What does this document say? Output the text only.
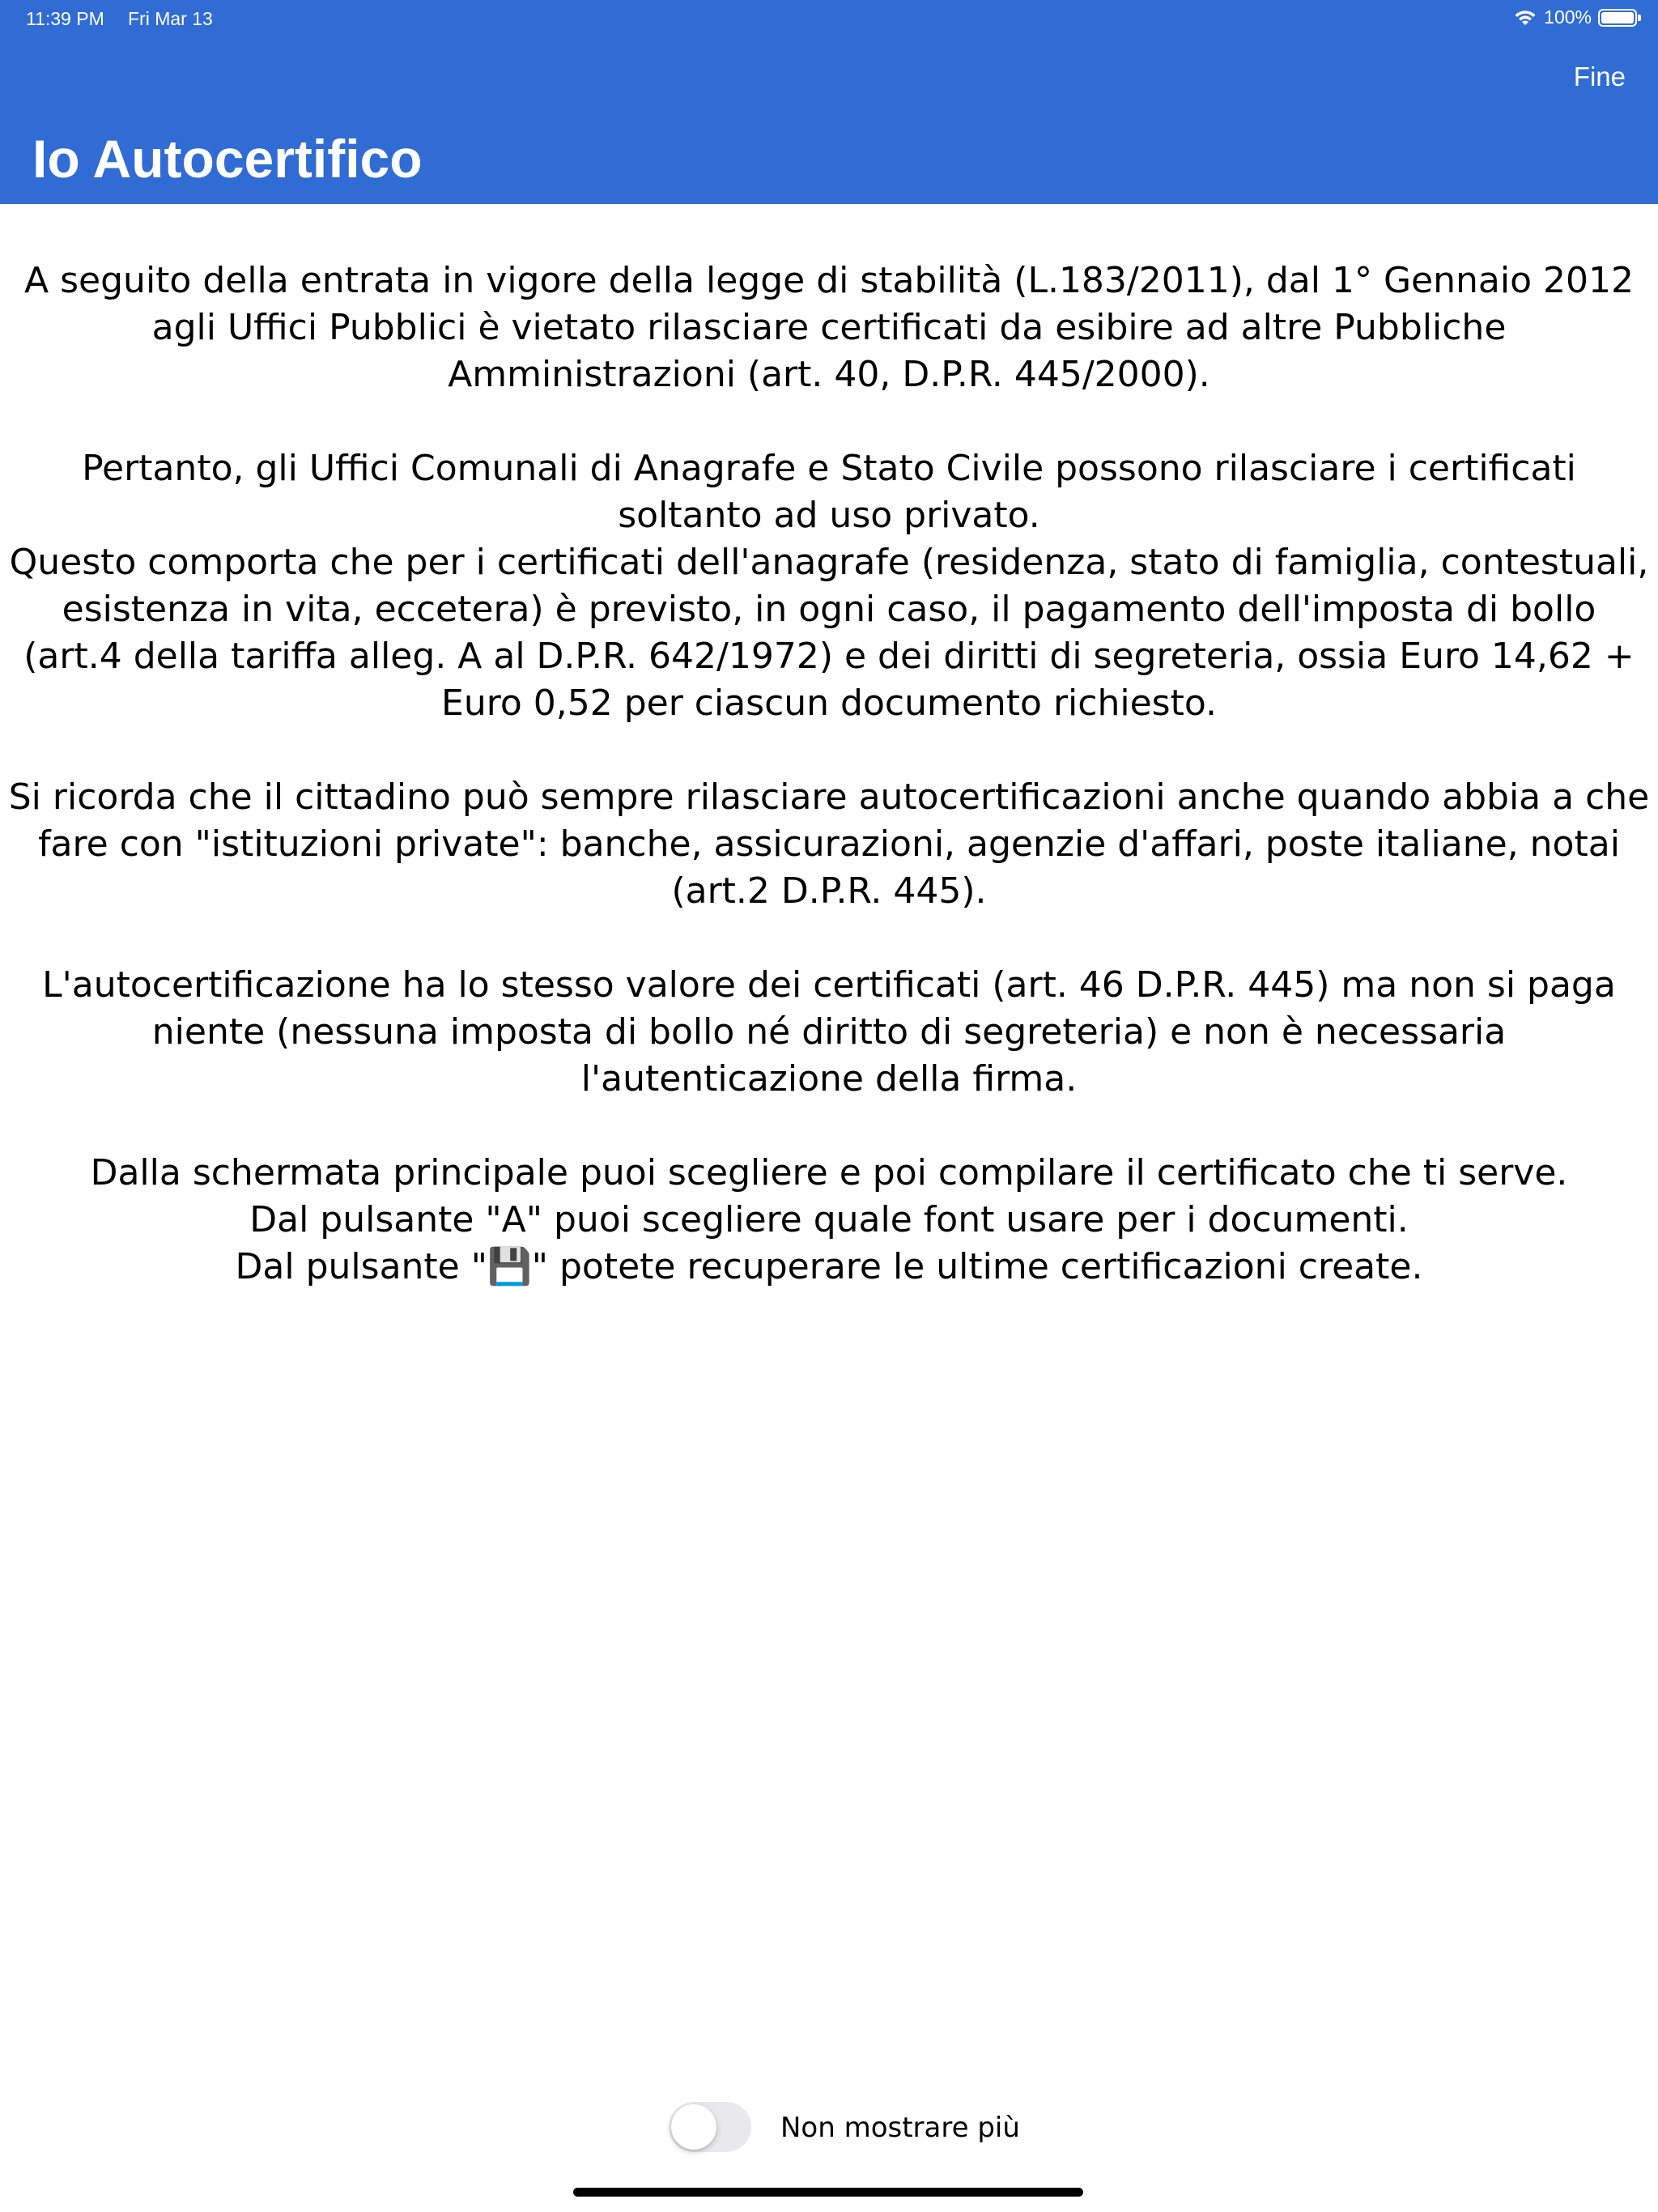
11:39 PM Fri Mar 13	100%
Fine
Io Autocertifico

A seguito della entrata in vigore della legge di stabilità (L.183/2011), dal 1° Gennaio 2012 agli Uffici Pubblici è vietato rilasciare certificati da esibire ad altre Pubbliche Amministrazioni (art. 40, D.P.R. 445/2000).

Pertanto, gli Uffici Comunali di Anagrafe e Stato Civile possono rilasciare i certificati soltanto ad uso privato.

Questo comporta che per i certificati dell'anagrafe (residenza, stato di famiglia, contestuali, esistenza in vita, eccetera) è previsto, in ogni caso, il pagamento dell'imposta di bollo (art.4 della tariffa alleg. A al D.P.R. 642/1972) e dei diritti di segreteria, ossia Euro 14,62 + Euro 0,52 per ciascun documento richiesto.

Si ricorda che il cittadino può sempre rilasciare autocertificazioni anche quando abbia a che fare con "istituzioni private": banche, assicurazioni, agenzie d'affari, poste italiane, notai (art.2 D.P.R. 445).

L'autocertificazione ha lo stesso valore dei certificati (art. 46 D.P.R. 445) ma non si paga niente (nessuna imposta di bollo né diritto di segreteria) e non è necessaria l'autenticazione della firma.

Dalla schermata principale puoi scegliere e poi compilare il certificato che ti serve.

Dal pulsante "A" puoi scegliere quale font usare per i documenti.

Dal pulsante "💾" potete recuperare le ultime certificazioni create.

Non mostrare più
